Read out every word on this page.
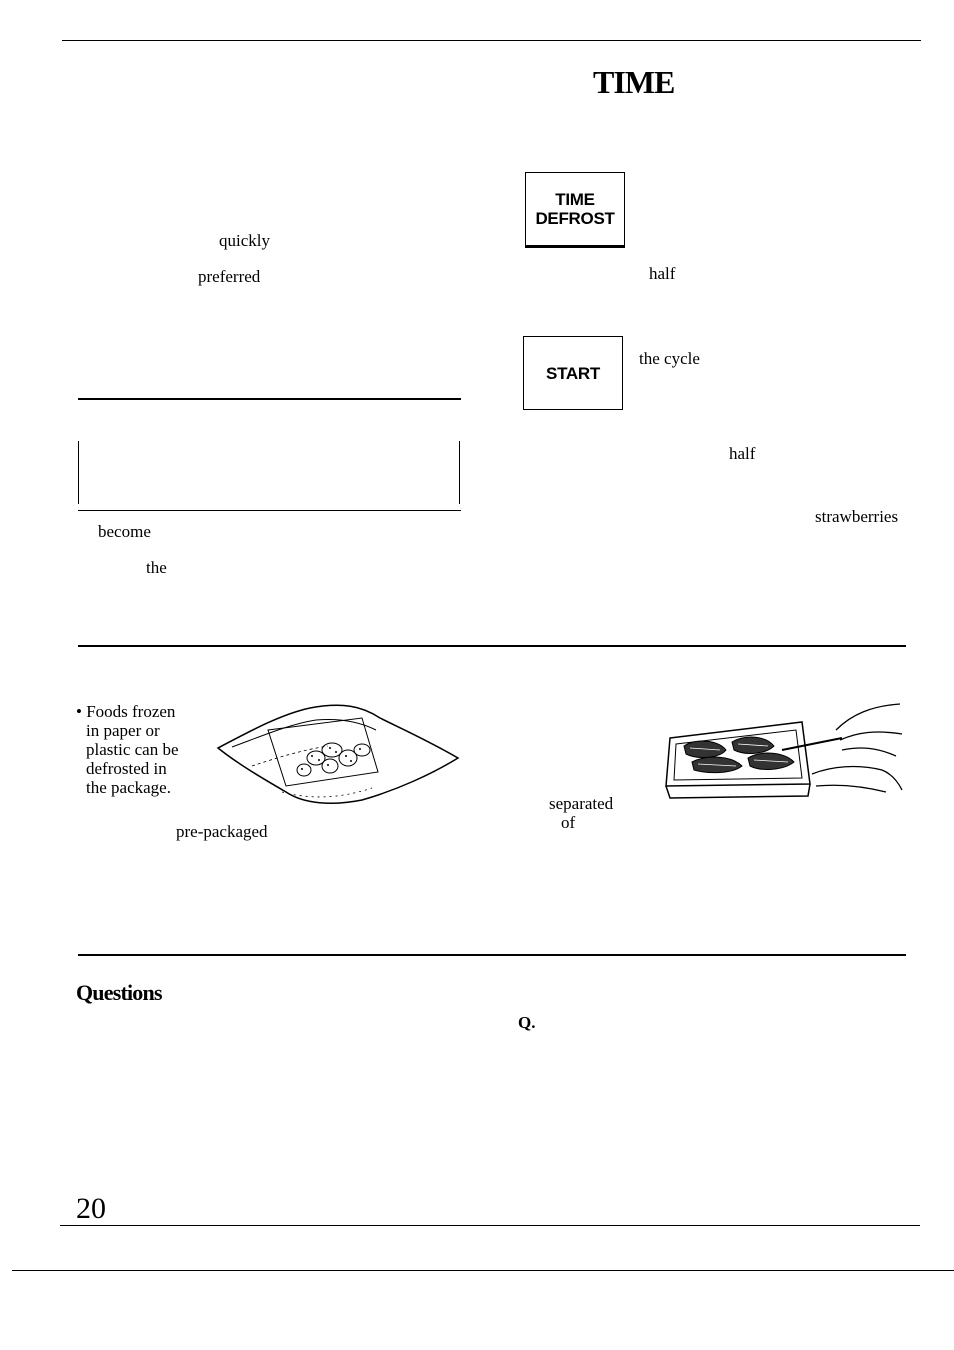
TIME
TIME
DEFROST
START
quickly
preferred
become
the
half
the cycle
half
strawberries
• Foods frozen
in paper or
plastic can be
defrosted in
the package.
pre-packaged
separated
of
Questions
Q.
20
